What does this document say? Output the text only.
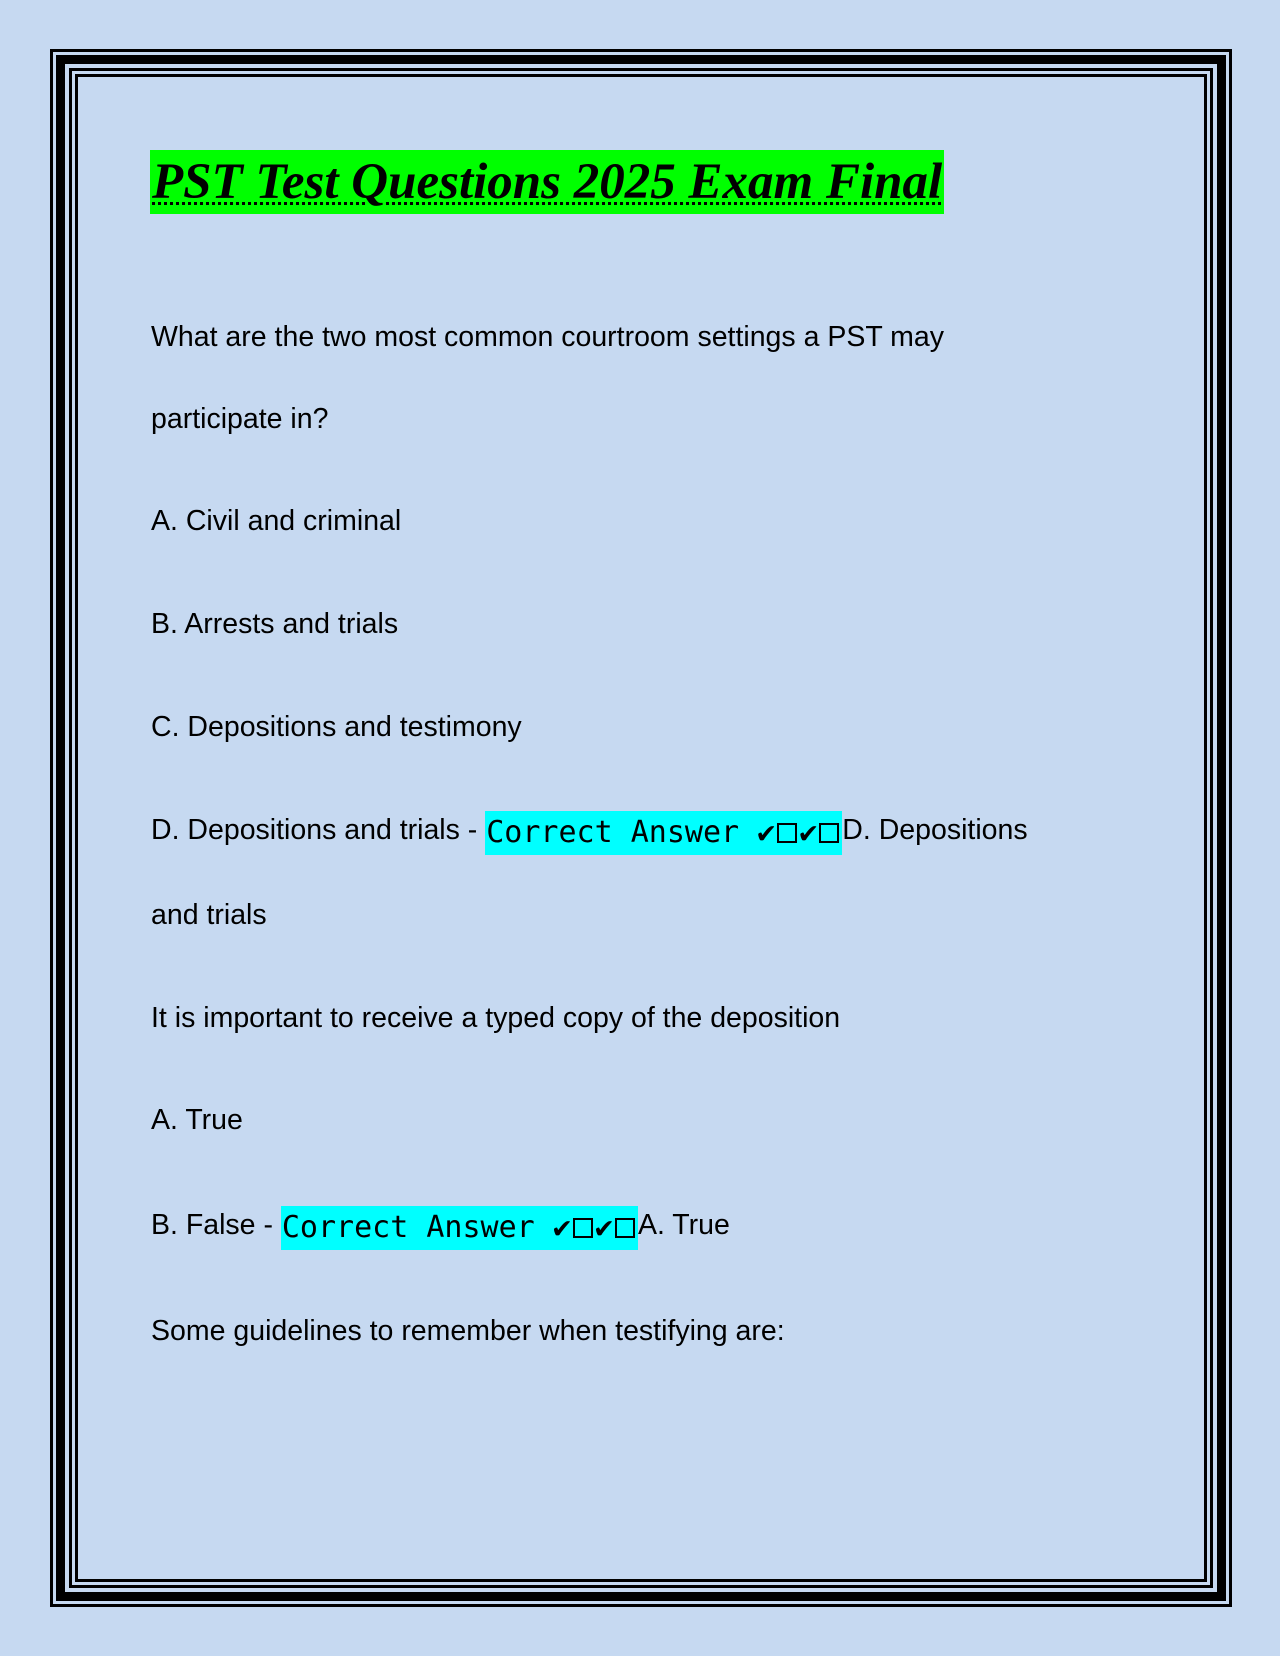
PST Test Questions 2025 Exam Final
What are the two most common courtroom settings a PST may
participate in?
A. Civil and criminal
B. Arrests and trials
C. Depositions and testimony
D. Depositions and trials - Correct Answer ✔ ✔ D. Depositions
and trials
It is important to receive a typed copy of the deposition
A. True
B. False - Correct Answer ✔ ✔ A. True
Some guidelines to remember when testifying are:
